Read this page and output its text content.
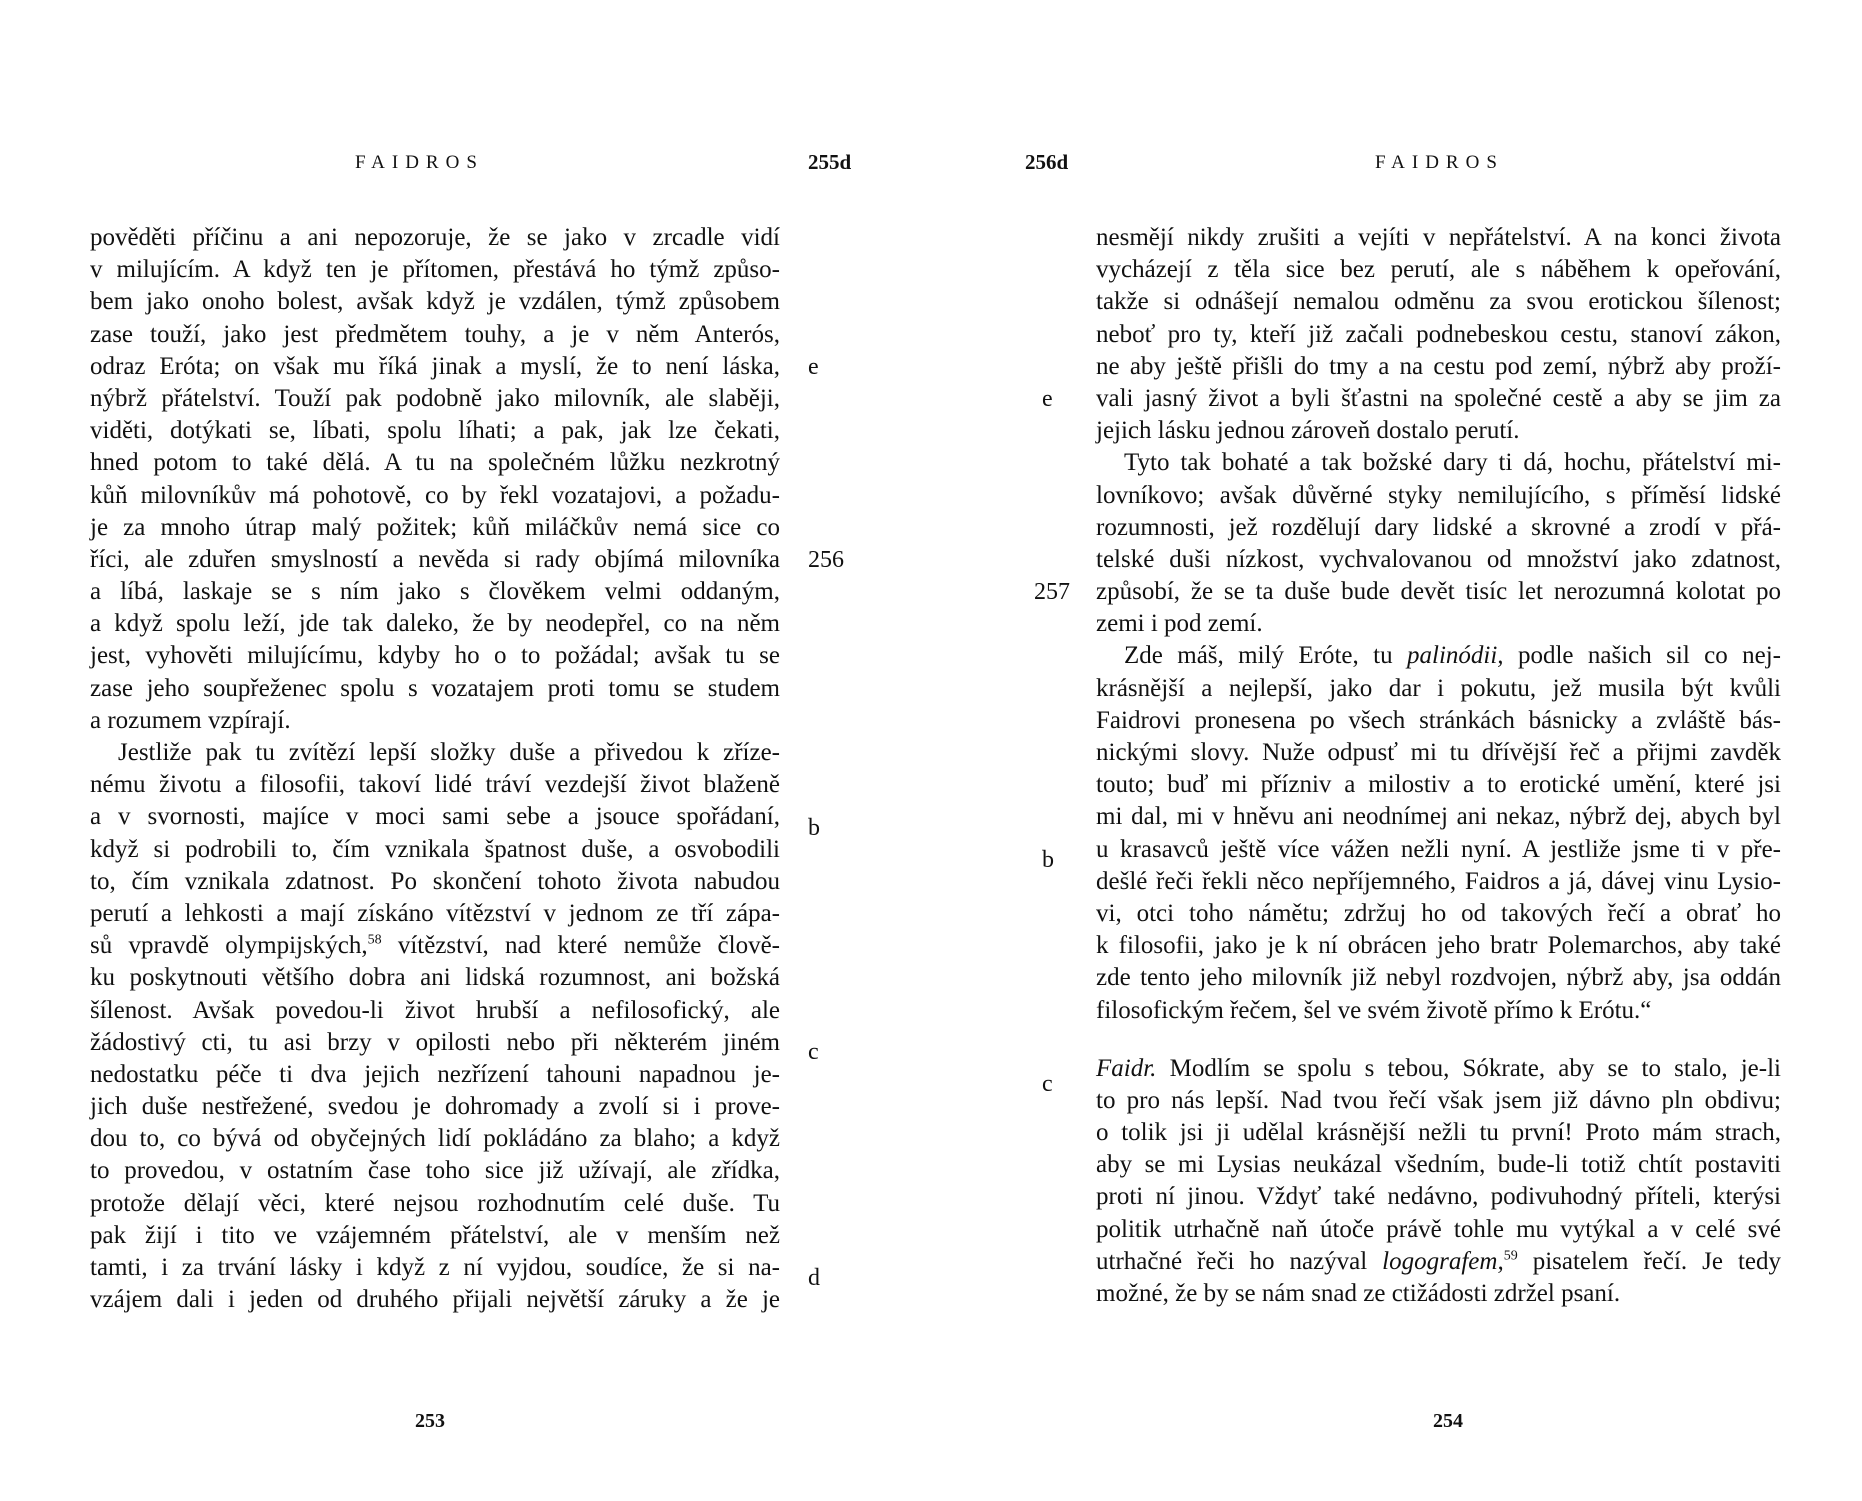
FAIDROS	255d
e
256
b
c
d
pověděti příčinu a ani nepozoruje, že se jako v zrcadle vidí
v milujícím. A když ten je přítomen, přestává ho týmž způso-
bem jako onoho bolest, avšak když je vzdálen, týmž způsobem
zase touží, jako jest předmětem touhy, a je v něm Anterós,
odraz Eróta; on však mu říká jinak a myslí, že to není láska,
nýbrž přátelství. Touží pak podobně jako milovník, ale slaběji,
viděti, dotýkati se, líbati, spolu líhati; a pak, jak lze čekati,
hned potom to také dělá. A tu na společném lůžku nezkrotný
kůň milovníkův má pohotově, co by řekl vozatajovi, a požadu-
je za mnoho útrap malý požitek; kůň miláčkův nemá sice co
říci, ale zduřen smyslností a nevěda si rady objímá milovníka
a líbá, laskaje se s ním jako s člověkem velmi oddaným,
a když spolu leží, jde tak daleko, že by neodepřel, co na něm
jest, vyhověti milujícímu, kdyby ho o to požádal; avšak tu se
zase jeho soupřeženec spolu s vozatajem proti tomu se studem
a rozumem vzpírají.
Jestliže pak tu zvítězí lepší složky duše a přivedou k zříze-
nému životu a filosofii, takoví lidé tráví vezdejší život blaženě
a v svornosti, majíce v moci sami sebe a jsouce spořádaní,
když si podrobili to, čím vznikala špatnost duše, a osvobodili
to, čím vznikala zdatnost. Po skončení tohoto života nabudou
perutí a lehkosti a mají získáno vítězství v jednom ze tří zápa-
sů vpravdě olympijských,$^{58}$ vítězství, nad které nemůže člově-
ku poskytnouti většího dobra ani lidská rozumnost, ani božská
šílenost. Avšak povedou-li život hrubší a nefilosofický, ale
žádostivý cti, tu asi brzy v opilosti nebo při některém jiném
nedostatku péče ti dva jejich nezřízení tahouni napadnou je-
jich duše nestřežené, svedou je dohromady a zvolí si i prove-
dou to, co bývá od obyčejných lidí pokládáno za blaho; a když
to provedou, v ostatním čase toho sice již užívají, ale zřídka,
protože dělají věci, které nejsou rozhodnutím celé duše. Tu
pak žijí i tito ve vzájemném přátelství, ale v menším než
tamti, i za trvání lásky i když z ní vyjdou, soudíce, že si na-
vzájem dali i jeden od druhého přijali největší záruky a že je
253
256d	FAIDROS
e
257
b
c
nesmějí nikdy zrušiti a vejíti v nepřátelství. A na konci života
vycházejí z těla sice bez perutí, ale s náběhem k opeřování,
takže si odnášejí nemalou odměnu za svou erotickou šílenost;
neboť pro ty, kteří již začali podnebeskou cestu, stanoví zákon,
ne aby ještě přišli do tmy a na cestu pod zemí, nýbrž aby proží-
vali jasný život a byli šťastni na společné cestě a aby se jim za
jejich lásku jednou zároveň dostalo perutí.
Tyto tak bohaté a tak božské dary ti dá, hochu, přátelství mi-
lovníkovo; avšak důvěrné styky nemilujícího, s příměsí lidské
rozumnosti, jež rozdělují dary lidské a skrovné a zrodí v přá-
telské duši nízkost, vychvalovanou od množství jako zdatnost,
způsobí, že se ta duše bude devět tisíc let nerozumná kolotat po
zemi i pod zemí.
Zde máš, milý Eróte, tu palinódii, podle našich sil co nej-
krásnější a nejlepší, jako dar i pokutu, jež musila být kvůli
Faidrovi pronesena po všech stránkách básnicky a zvláště bás-
nickými slovy. Nuže odpusť mi tu dřívější řeč a přijmi zavděk
touto; buď mi přízniv a milostiv a to erotické umění, které jsi
mi dal, mi v hněvu ani neodnímej ani nekaz, nýbrž dej, abych byl
u krasavců ještě více vážen nežli nyní. A jestliže jsme ti v pře-
dešlé řeči řekli něco nepříjemného, Faidros a já, dávej vinu Lysio-
vi, otci toho námětu; zdržuj ho od takových řečí a obrať ho
k filosofii, jako je k ní obrácen jeho bratr Polemarchos, aby také
zde tento jeho milovník již nebyl rozdvojen, nýbrž aby, jsa oddán
filosofickým řečem, šel ve svém životě přímo k Erótu.“
Faidr. Modlím se spolu s tebou, Sókrate, aby se to stalo, je-li
to pro nás lepší. Nad tvou řečí však jsem již dávno pln obdivu;
o tolik jsi ji udělal krásnější nežli tu první! Proto mám strach,
aby se mi Lysias neukázal všedním, bude-li totiž chtít postaviti
proti ní jinou. Vždyť také nedávno, podivuhodný příteli, kterýsi
politik utrhačně naň útoče právě tohle mu vytýkal a v celé své
utrhačné řeči ho nazýval logografem,$^{59}$ pisatelem řečí. Je tedy
možné, že by se nám snad ze ctižádosti zdržel psaní.
254
